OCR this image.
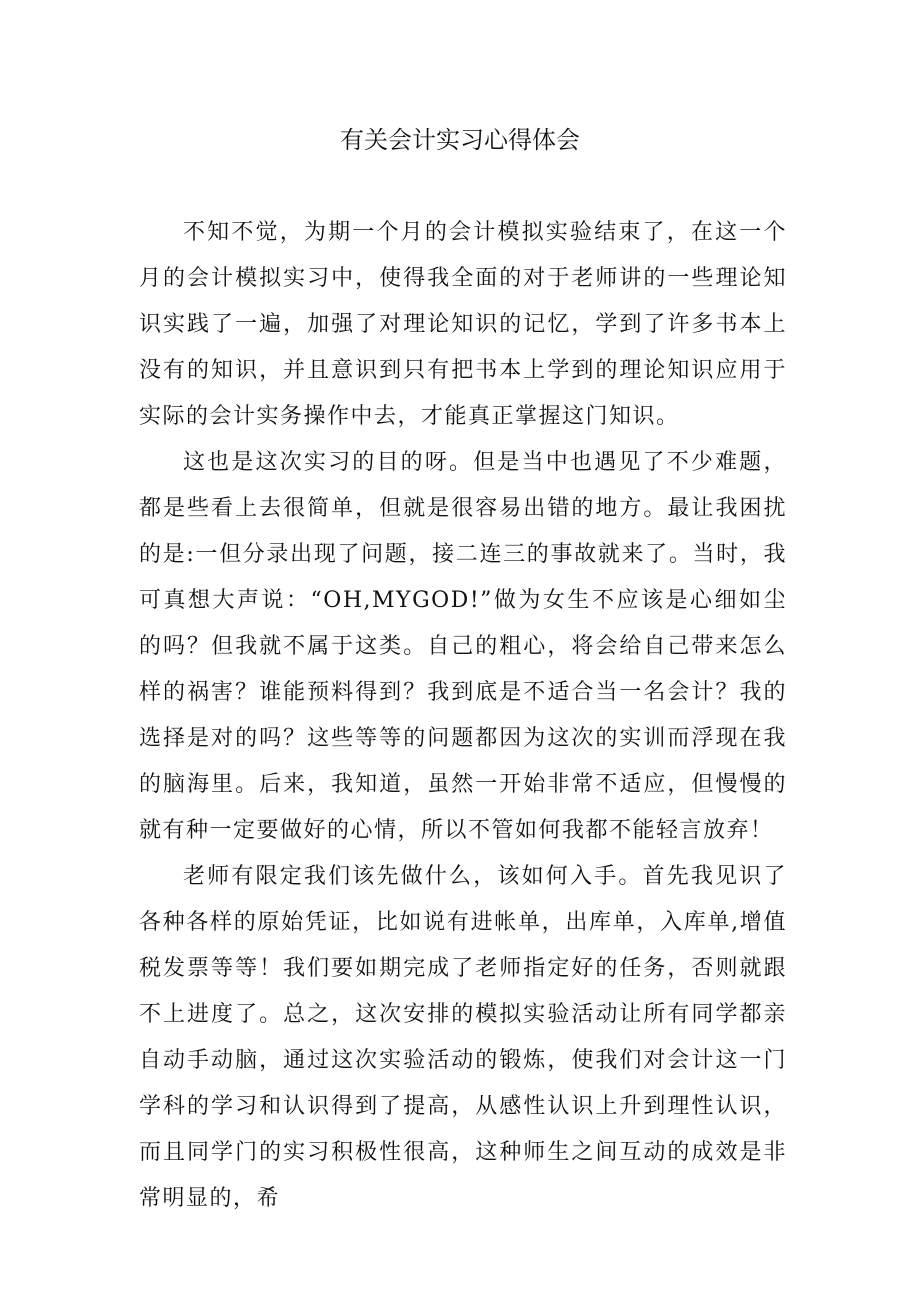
有关会计实习心得体会

不知不觉，为期一个月的会计模拟实验结束了，在这一个月的会计模拟实习中，使得我全面的对于老师讲的一些理论知识实践了一遍，加强了对理论知识的记忆，学到了许多书本上没有的知识，并且意识到只有把书本上学到的理论知识应用于实际的会计实务操作中去，才能真正掌握这门知识。

这也是这次实习的目的呀。但是当中也遇见了不少难题，都是些看上去很简单，但就是很容易出错的地方。最让我困扰的是:一但分录出现了问题，接二连三的事故就来了。当时，我可真想大声说：“OH,MYGOD!”做为女生不应该是心细如尘的吗？但我就不属于这类。自己的粗心，将会给自己带来怎么样的祸害？谁能预料得到？我到底是不适合当一名会计？我的选择是对的吗？这些等等的问题都因为这次的实训而浮现在我的脑海里。后来，我知道，虽然一开始非常不适应，但慢慢的就有种一定要做好的心情，所以不管如何我都不能轻言放弃！

老师有限定我们该先做什么，该如何入手。首先我见识了各种各样的原始凭证，比如说有进帐单，出库单，入库单,增值税发票等等！我们要如期完成了老师指定好的任务，否则就跟不上进度了。总之，这次安排的模拟实验活动让所有同学都亲自动手动脑，通过这次实验活动的锻炼，使我们对会计这一门学科的学习和认识得到了提高，从感性认识上升到理性认识，而且同学门的实习积极性很高，这种师生之间互动的成效是非常明显的，希
